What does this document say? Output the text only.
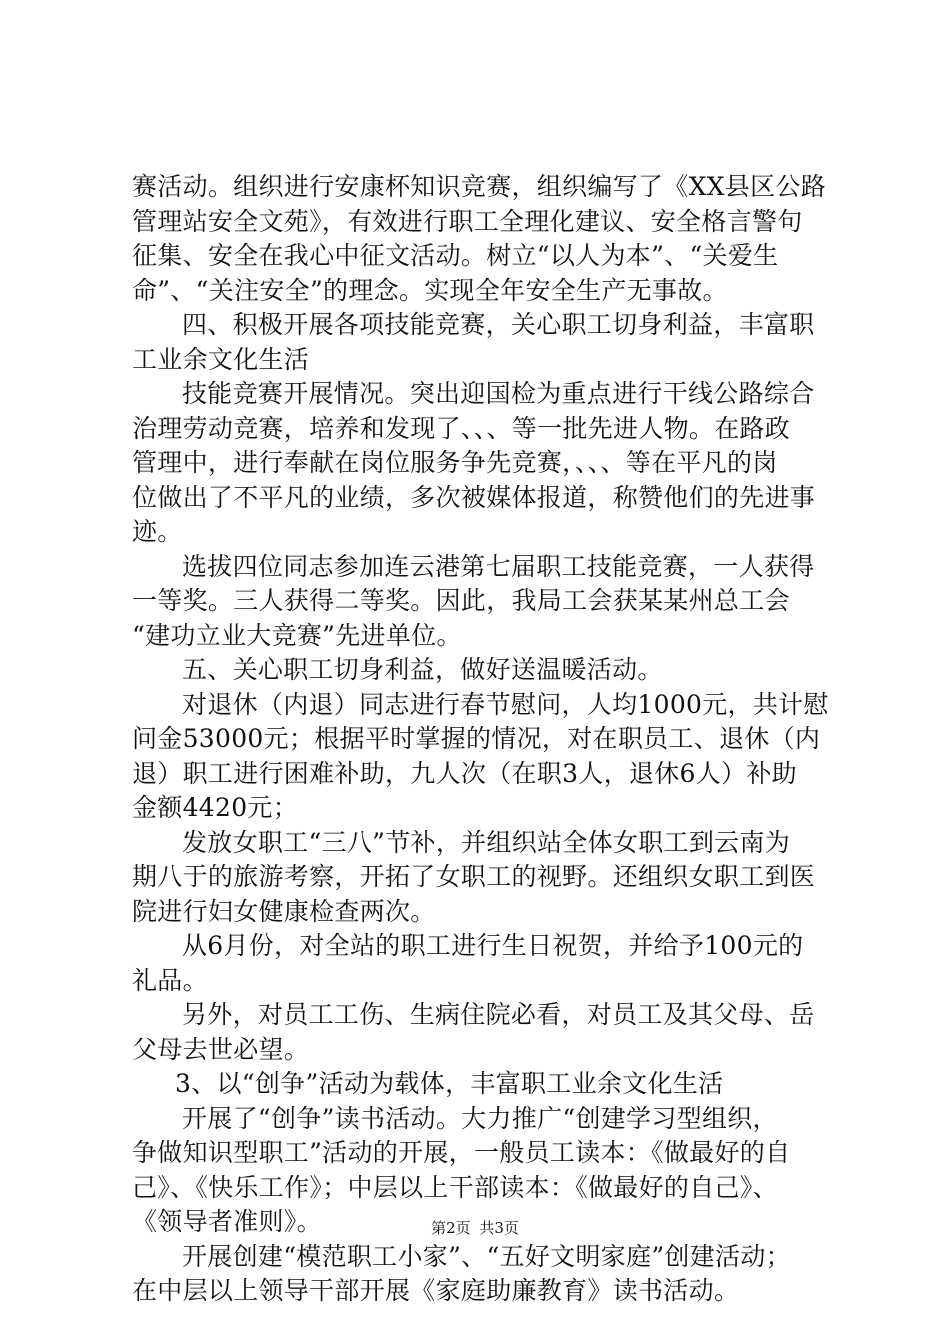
赛活动。组织进行安康杯知识竞赛，组织编写了《XX县区公路
管理站安全文苑》，有效进行职工全理化建议、安全格言警句
征集、安全在我心中征文活动。树立“以人为本”、“关爱生
命”、“关注安全”的理念。实现全年安全生产无事故。
四、积极开展各项技能竞赛，关心职工切身利益，丰富职
工业余文化生活
技能竞赛开展情况。突出迎国检为重点进行干线公路综合
治理劳动竞赛，培养和发现了、、、等一批先进人物。在路政
管理中，进行奉献在岗位服务争先竞赛，、、、等在平凡的岗
位做出了不平凡的业绩，多次被媒体报道，称赞他们的先进事
迹。
选拔四位同志参加连云港第七届职工技能竞赛，一人获得
一等奖。三人获得二等奖。因此，我局工会获某某州总工会
“建功立业大竞赛”先进单位。
五、关心职工切身利益，做好送温暖活动。
对退休（内退）同志进行春节慰问，人均1000元，共计慰
问金53000元；根据平时掌握的情况，对在职员工、退休（内
退）职工进行困难补助，九人次（在职3人，退休6人）补助
金额4420元；
发放女职工“三八”节补，并组织站全体女职工到云南为
期八于的旅游考察，开拓了女职工的视野。还组织女职工到医
院进行妇女健康检查两次。
从6月份，对全站的职工进行生日祝贺，并给予100元的
礼品。
另外，对员工工伤、生病住院必看，对员工及其父母、岳
父母去世必望。
3、以“创争”活动为载体，丰富职工业余文化生活
开展了“创争”读书活动。大力推广“创建学习型组织，
争做知识型职工”活动的开展，一般员工读本：《做最好的自
己》、《快乐工作》；中层以上干部读本：《做最好的自己》、
《领导者准则》。
开展创建“模范职工小家”、“五好文明家庭”创建活动；
在中层以上领导干部开展《家庭助廉教育》读书活动。
第2页 共3页
